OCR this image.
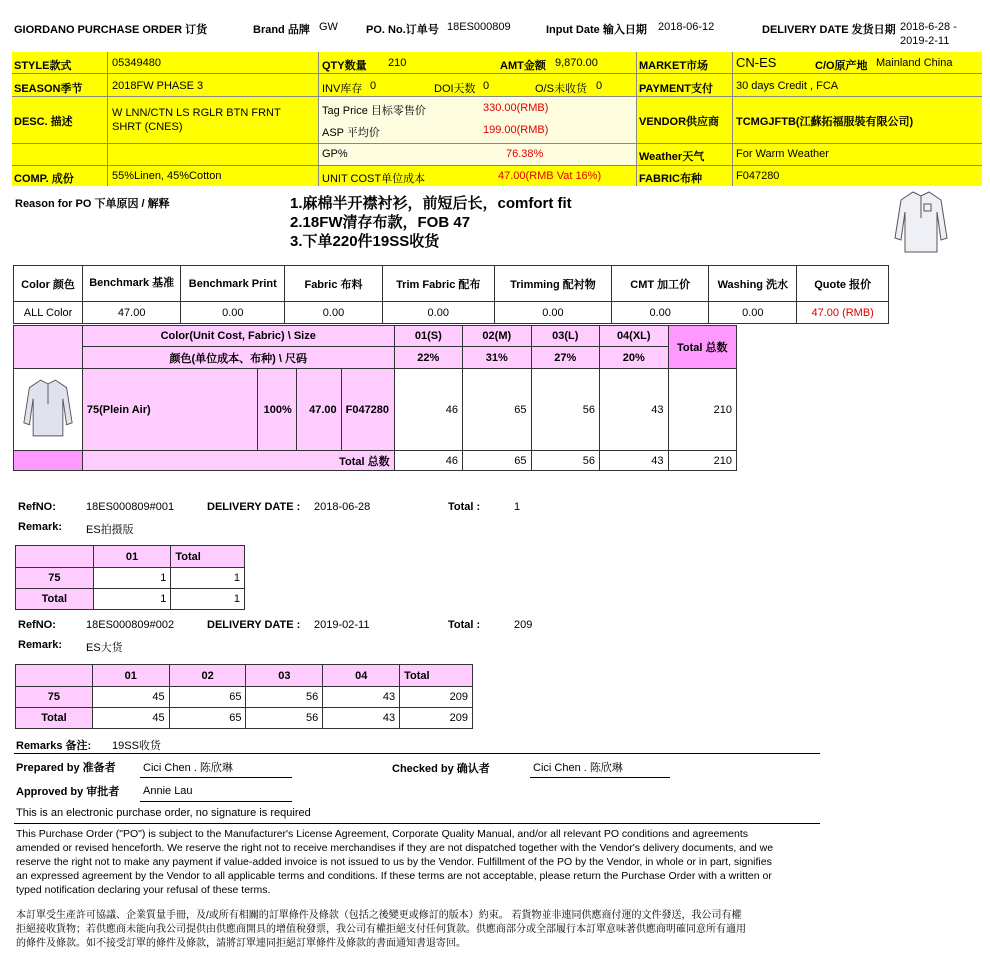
GIORDANO PURCHASE ORDER 订货	Brand 品牌 GW	PO. No.订单号 18ES000809	Input Date 输入日期 2018-06-12	DELIVERY DATE 发货日期 2018-6-28 -
2019-2-11
STYLE款式	05349480	QTY数量 210	AMT金额 9,870.00	MARKET市场 CN-ES	C/O原产地 Mainland China
SEASON季节	2018FW PHASE 3	INV库存 0	DOI天数 0	O/S未收货 0	PAYMENT支付 30 days Credit , FCA
DESC. 描述
W LNN/CTN LS RGLR BTN FRNT SHRT (CNES)
Tag Price 目标零售价	330.00(RMB)
ASP 平均价	199.00(RMB)
VENDOR供应商 TCMGJFTB(江蘇拓福服裝有限公司)
GP%	76.38%	Weather天气	For Warm Weather
COMP. 成份	55%Linen, 45%Cotton	UNIT COST单位成本	47.00(RMB Vat 16%)	FABRIC布种	F047280
Reason for PO 下单原因 / 解释	1.麻棉半开襟衬衫，前短后长，comfort fit
2.18FW清存布款，FOB 47
3.下单220件19SS收货
Color 颜色	Benchmark 基准	Benchmark Print	Fabric 布料	Trim Fabric 配布	Trimming 配衬物	CMT 加工价	Washing 洗水	Quote 报价
ALL Color	47.00	0.00	0.00	0.00	0.00	0.00	0.00	47.00 (RMB)
	Color(Unit Cost, Fabric) \ Size				01(S)	02(M)	03(L)	04(XL)	Total 总数
	颜色(单位成本、布种) \ 尺码				22%	31%	27%	20%	
	75(Plein Air)	100%	47.00	F047280	46	65	56	43	210
	Total 总数				46	65	56	43	210
RefNO:	18ES000809#001	DELIVERY DATE : 2018-06-28	Total :	1
Remark: ES拍摄版
	01	Total
75	1	1
Total	1	1
RefNO:	18ES000809#002	DELIVERY DATE : 2019-02-11	Total :	209
Remark: ES大货
	01	02	03	04	Total
75	45	65	56	43	209
Total	45	65	56	43	209
Remarks 备注: 19SS收货
Prepared by 准备者 Cici Chen . 陈欣琳	Checked by 确认者	Cici Chen . 陈欣琳
Approved by 审批者 Annie Lau
This is an electronic purchase order, no signature is required
This Purchase Order ("PO") is subject to the Manufacturer's License Agreement, Corporate Quality Manual, and/or all relevant PO conditions and agreements
amended or revised henceforth. We reserve the right not to receive merchandises if they are not dispatched together with the Vendor's delivery documents, and we
reserve the right not to make any payment if value-added invoice is not issued to us by the Vendor. Fulfillment of the PO by the Vendor, in whole or in part, signifies
an expressed agreement by the Vendor to all applicable terms and conditions. If these terms are not acceptable, please return the Purchase Order with a written or
typed notification declaring your refusal of these terms.
本訂單受生產許可協議、企業質量手冊，及/或所有相關的訂單條件及條款（包括之後變更或修訂的版本）約束。 若貨物並非連同供應商付運的文件發送，我公司有權
拒絕接收貨物；若供應商未能向我公司提供由供應商開具的增值稅發票，我公司有權拒絕支付任何貨款。供應商部分或全部履行本訂單意味著供應商明確同意所有適用
的條件及條款。如不接受訂單的條件及條款，請將訂單連同拒絕訂單條件及條款的書面通知書退寄回。
